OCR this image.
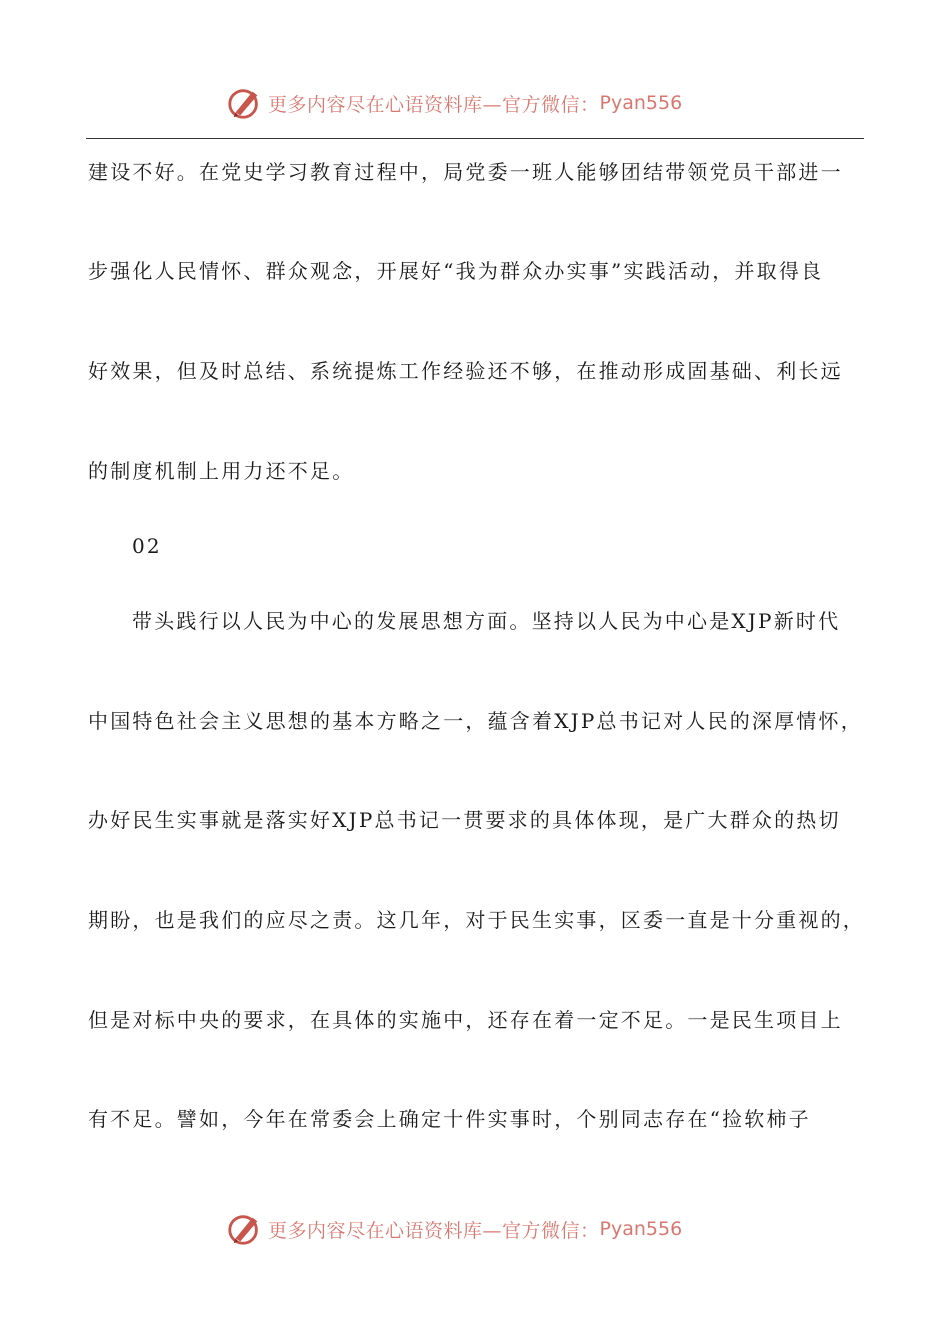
更多内容尽在心语资料库—官方微信： Pyan556
建设不好。在党史学习教育过程中，局党委一班人能够团结带领党员干部进一
步强化人民情怀、群众观念，开展好“我为群众办实事”实践活动，并取得良
好效果，但及时总结、系统提炼工作经验还不够，在推动形成固基础、利长远
的制度机制上用力还不足。
02
带头践行以人民为中心的发展思想方面。坚持以人民为中心是XJP新时代
中国特色社会主义思想的基本方略之一，蕴含着XJP总书记对人民的深厚情怀，
办好民生实事就是落实好XJP总书记一贯要求的具体体现，是广大群众的热切
期盼，也是我们的应尽之责。这几年，对于民生实事，区委一直是十分重视的，
但是对标中央的要求，在具体的实施中，还存在着一定不足。一是民生项目上
有不足。譬如，今年在常委会上确定十件实事时，个别同志存在“捡软柿子
更多内容尽在心语资料库—官方微信： Pyan556
